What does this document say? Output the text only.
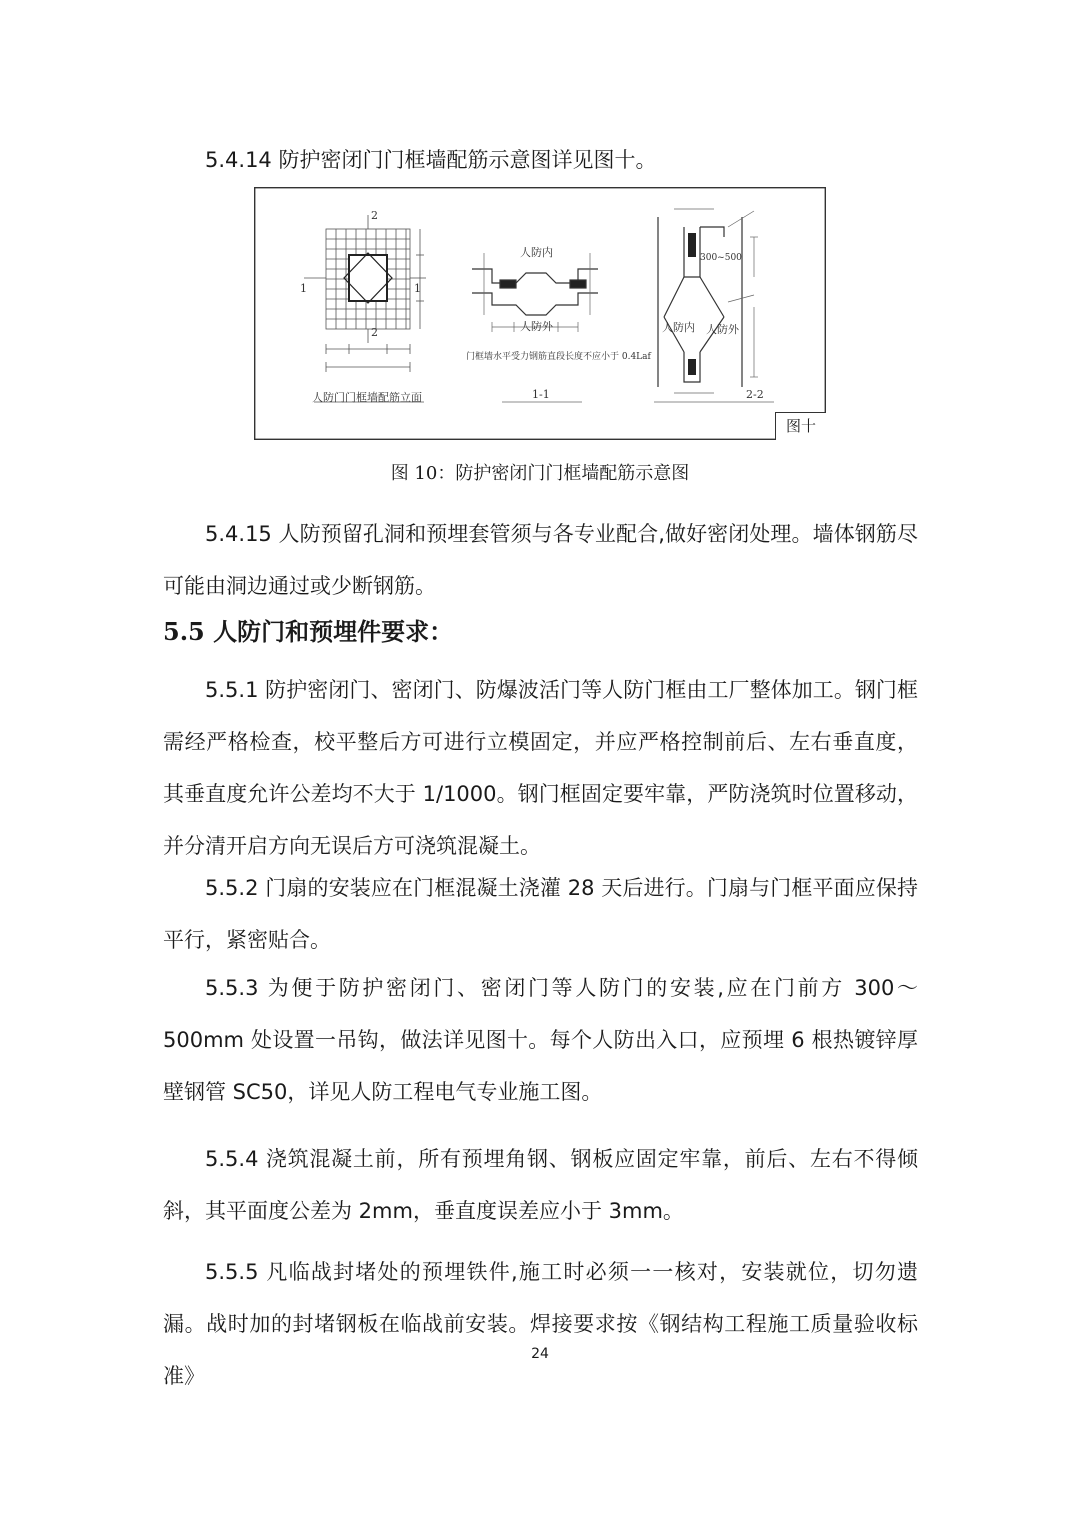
5.4.14 防护密闭门门框墙配筋示意图详见图十。

2
2
1	1
人防门门框墙配筋立面
人防内
人防外
门框墙水平受力钢筋直段长度不应小于 0.4Laf
1-1
300~500
人防内 人防外
2-2
图十
图 10：防护密闭门门框墙配筋示意图

5.4.15 人防预留孔洞和预埋套管须与各专业配合,做好密闭处理。墙体钢筋尽可能由洞边通过或少断钢筋。

5.5 人防门和预埋件要求：

5.5.1 防护密闭门、密闭门、防爆波活门等人防门框由工厂整体加工。钢门框需经严格检查，校平整后方可进行立模固定，并应严格控制前后、左右垂直度，其垂直度允许公差均不大于 1/1000。钢门框固定要牢靠，严防浇筑时位置移动，并分清开启方向无误后方可浇筑混凝土。

5.5.2 门扇的安装应在门框混凝土浇灌 28 天后进行。门扇与门框平面应保持平行，紧密贴合。

5.5.3 为便于防护密闭门、密闭门等人防门的安装,应在门前方 300～500mm 处设置一吊钩，做法详见图十。每个人防出入口，应预埋 6 根热镀锌厚壁钢管 SC50，详见人防工程电气专业施工图。

5.5.4 浇筑混凝土前，所有预埋角钢、钢板应固定牢靠，前后、左右不得倾斜，其平面度公差为 2mm，垂直度误差应小于 3mm。

5.5.5 凡临战封堵处的预埋铁件,施工时必须一一核对，安装就位，切勿遗漏。战时加的封堵钢板在临战前安装。焊接要求按《钢结构工程施工质量验收标准》

24
